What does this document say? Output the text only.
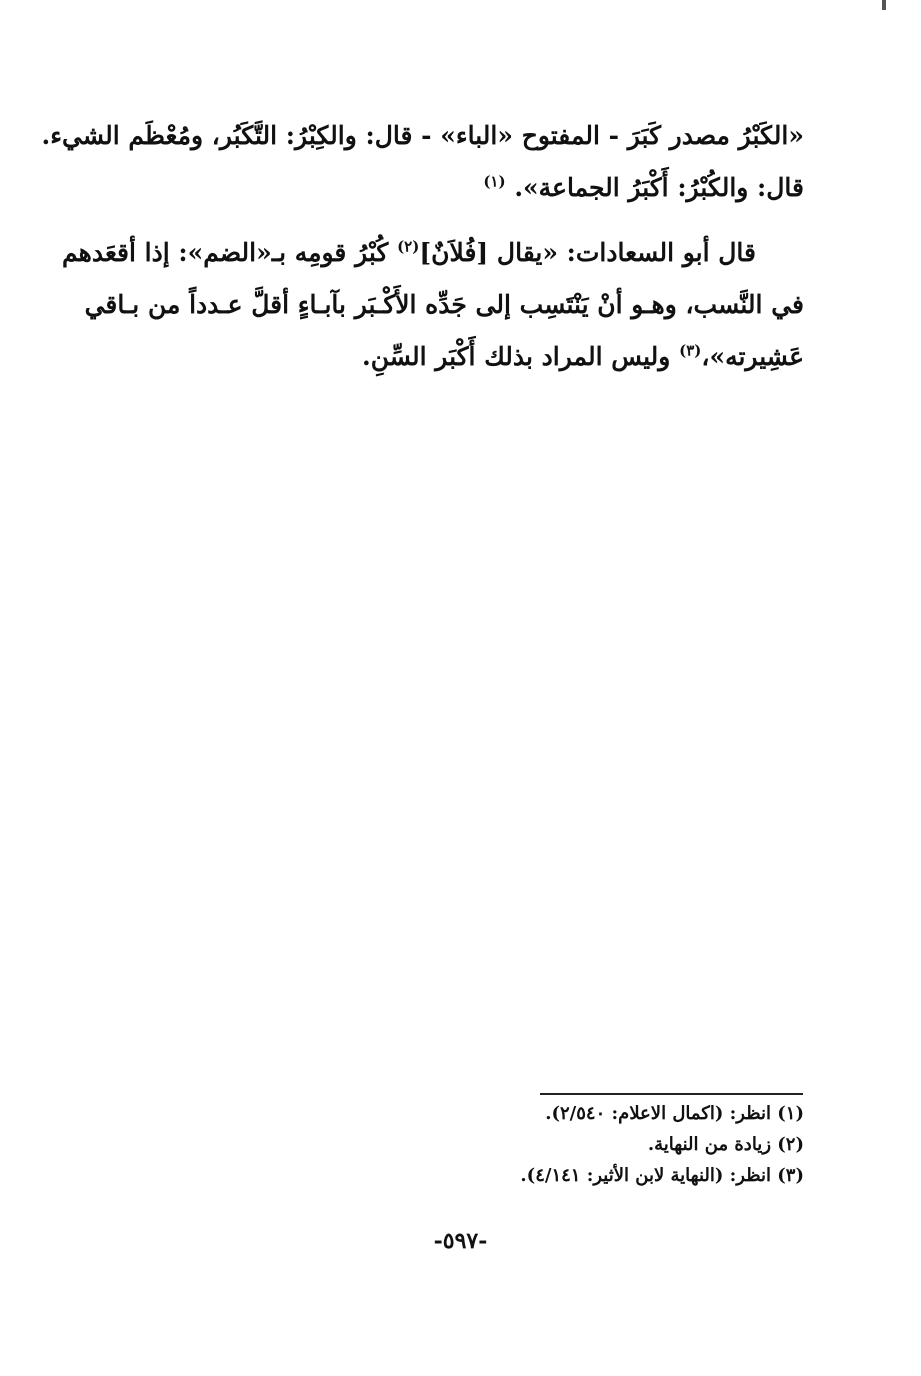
«الكَبْرُ مصدر كَبَرَ - المفتوح «الباء» - قال: والكِبْرُ: التَّكَبُر، ومُعْظَم الشيء.
قال: والكُبْرُ: أَكْبَرُ الجماعة». $^{(١)}$
قال أبو السعادات: «يقال [فُلاَنٌ]$^{(٢)}$ كُبْرُ قومِه بـ«الضم»: إذا أقعَدهم
في النَّسب، وهـو أنْ يَنْتَسِب إلى جَدِّه الأَكْـبَر بآبـاءٍ أقلَّ عـدداً من بـاقي
عَشِيرته»،$^{(٣)}$ وليس المراد بذلك أَكْبَر السِّنِ.
(١) انظر: (اكمال الاعلام: ٢/٥٤٠).
(٢) زيادة من النهاية.
(٣) انظر: (النهاية لابن الأثير: ٤/١٤١).
-٥٩٧-
